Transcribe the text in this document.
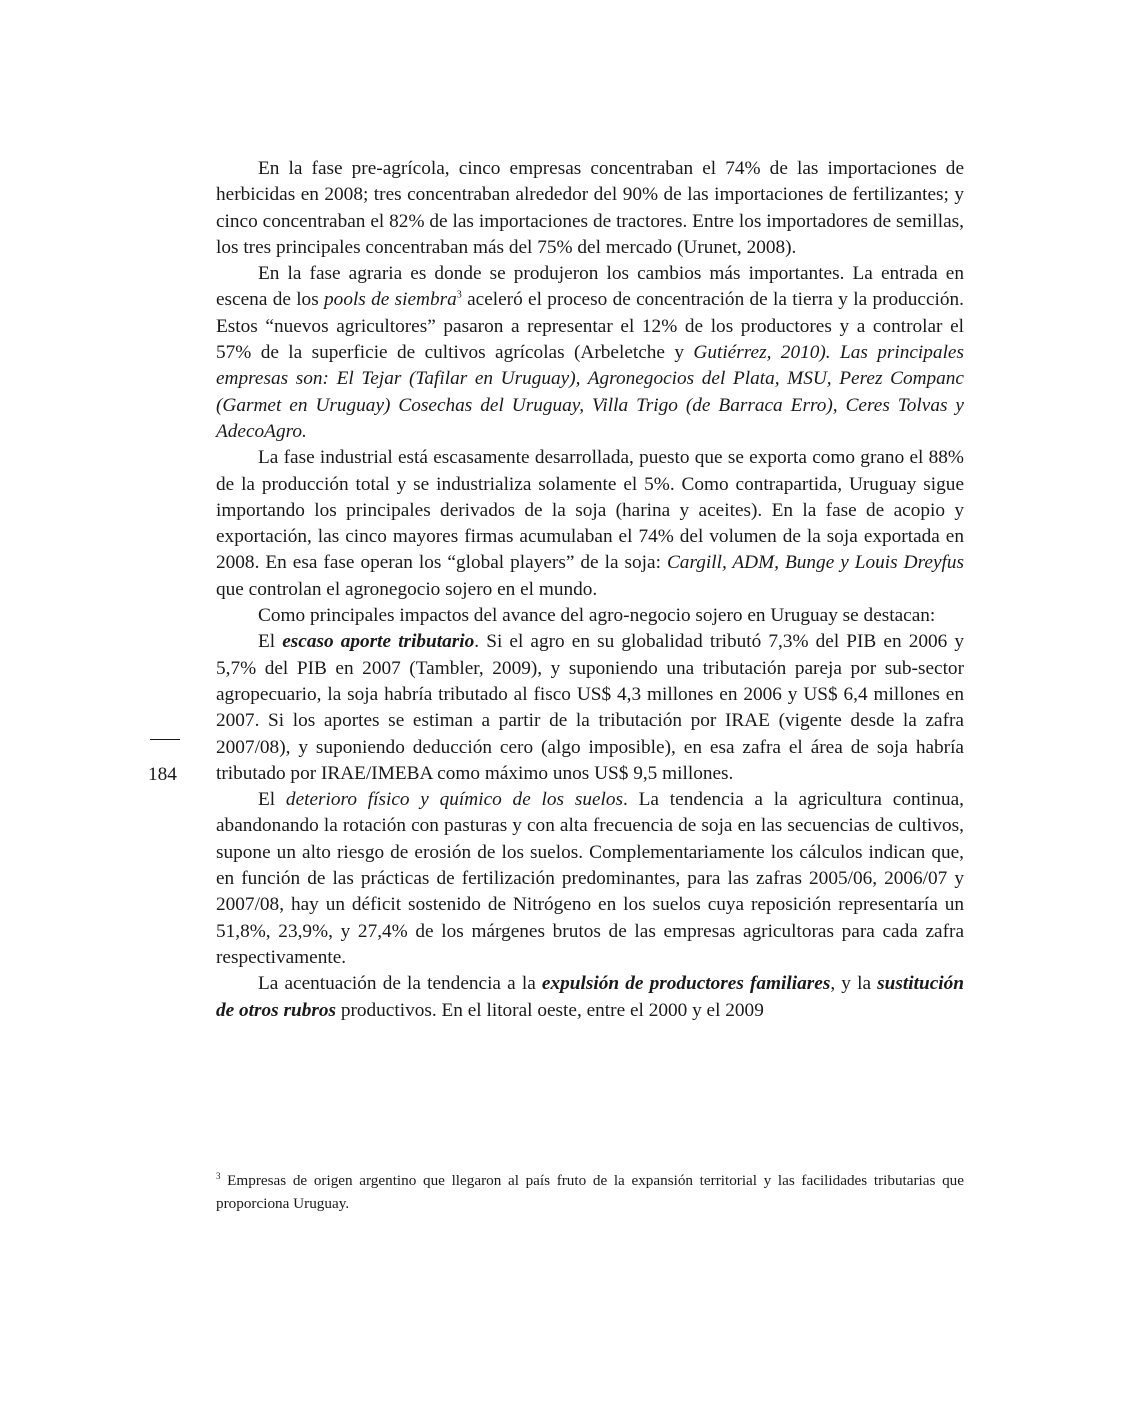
En la fase pre-agrícola, cinco empresas concentraban el 74% de las importaciones de herbicidas en 2008; tres concentraban alrededor del 90% de las importaciones de fertilizantes; y cinco concentraban el 82% de las importaciones de tractores. Entre los importadores de semillas, los tres principales concentraban más del 75% del mercado (Urunet, 2008).

En la fase agraria es donde se produjeron los cambios más importantes. La entrada en escena de los pools de siembra$^3$ aceleró el proceso de concentración de la tierra y la producción. Estos “nuevos agricultores” pasaron a representar el 12% de los productores y a controlar el 57% de la superficie de cultivos agrícolas (Arbeletche y Gutiérrez, 2010). Las principales empresas son: El Tejar (Tafilar en Uruguay), Agronegocios del Plata, MSU, Perez Companc (Garmet en Uruguay) Cosechas del Uruguay, Villa Trigo (de Barraca Erro), Ceres Tolvas y AdecoAgro.

La fase industrial está escasamente desarrollada, puesto que se exporta como grano el 88% de la producción total y se industrializa solamente el 5%. Como contrapartida, Uruguay sigue importando los principales derivados de la soja (harina y aceites). En la fase de acopio y exportación, las cinco mayores firmas acumulaban el 74% del volumen de la soja exportada en 2008. En esa fase operan los “global players” de la soja: Cargill, ADM, Bunge y Louis Dreyfus que controlan el agronegocio sojero en el mundo.

Como principales impactos del avance del agro-negocio sojero en Uruguay se destacan:

El escaso aporte tributario. Si el agro en su globalidad tributó 7,3% del PIB en 2006 y 5,7% del PIB en 2007 (Tambler, 2009), y suponiendo una tributación pareja por sub-sector agropecuario, la soja habría tributado al fisco US$ 4,3 millones en 2006 y US$ 6,4 millones en 2007. Si los aportes se estiman a partir de la tributación por IRAE (vigente desde la zafra 2007/08), y suponiendo deducción cero (algo imposible), en esa zafra el área de soja habría tributado por IRAE/IMEBA como máximo unos US$ 9,5 millones.

El deterioro físico y químico de los suelos. La tendencia a la agricultura continua, abandonando la rotación con pasturas y con alta frecuencia de soja en las secuencias de cultivos, supone un alto riesgo de erosión de los suelos. Complementariamente los cálculos indican que, en función de las prácticas de fertilización predominantes, para las zafras 2005/06, 2006/07 y 2007/08, hay un déficit sostenido de Nitrógeno en los suelos cuya reposición representaría un 51,8%, 23,9%, y 27,4% de los márgenes brutos de las empresas agricultoras para cada zafra respectivamente.

La acentuación de la tendencia a la expulsión de productores familiares, y la sustitución de otros rubros productivos. En el litoral oeste, entre el 2000 y el 2009

184
$^3$ Empresas de origen argentino que llegaron al país fruto de la expansión territorial y las facilidades tributarias que proporciona Uruguay.
